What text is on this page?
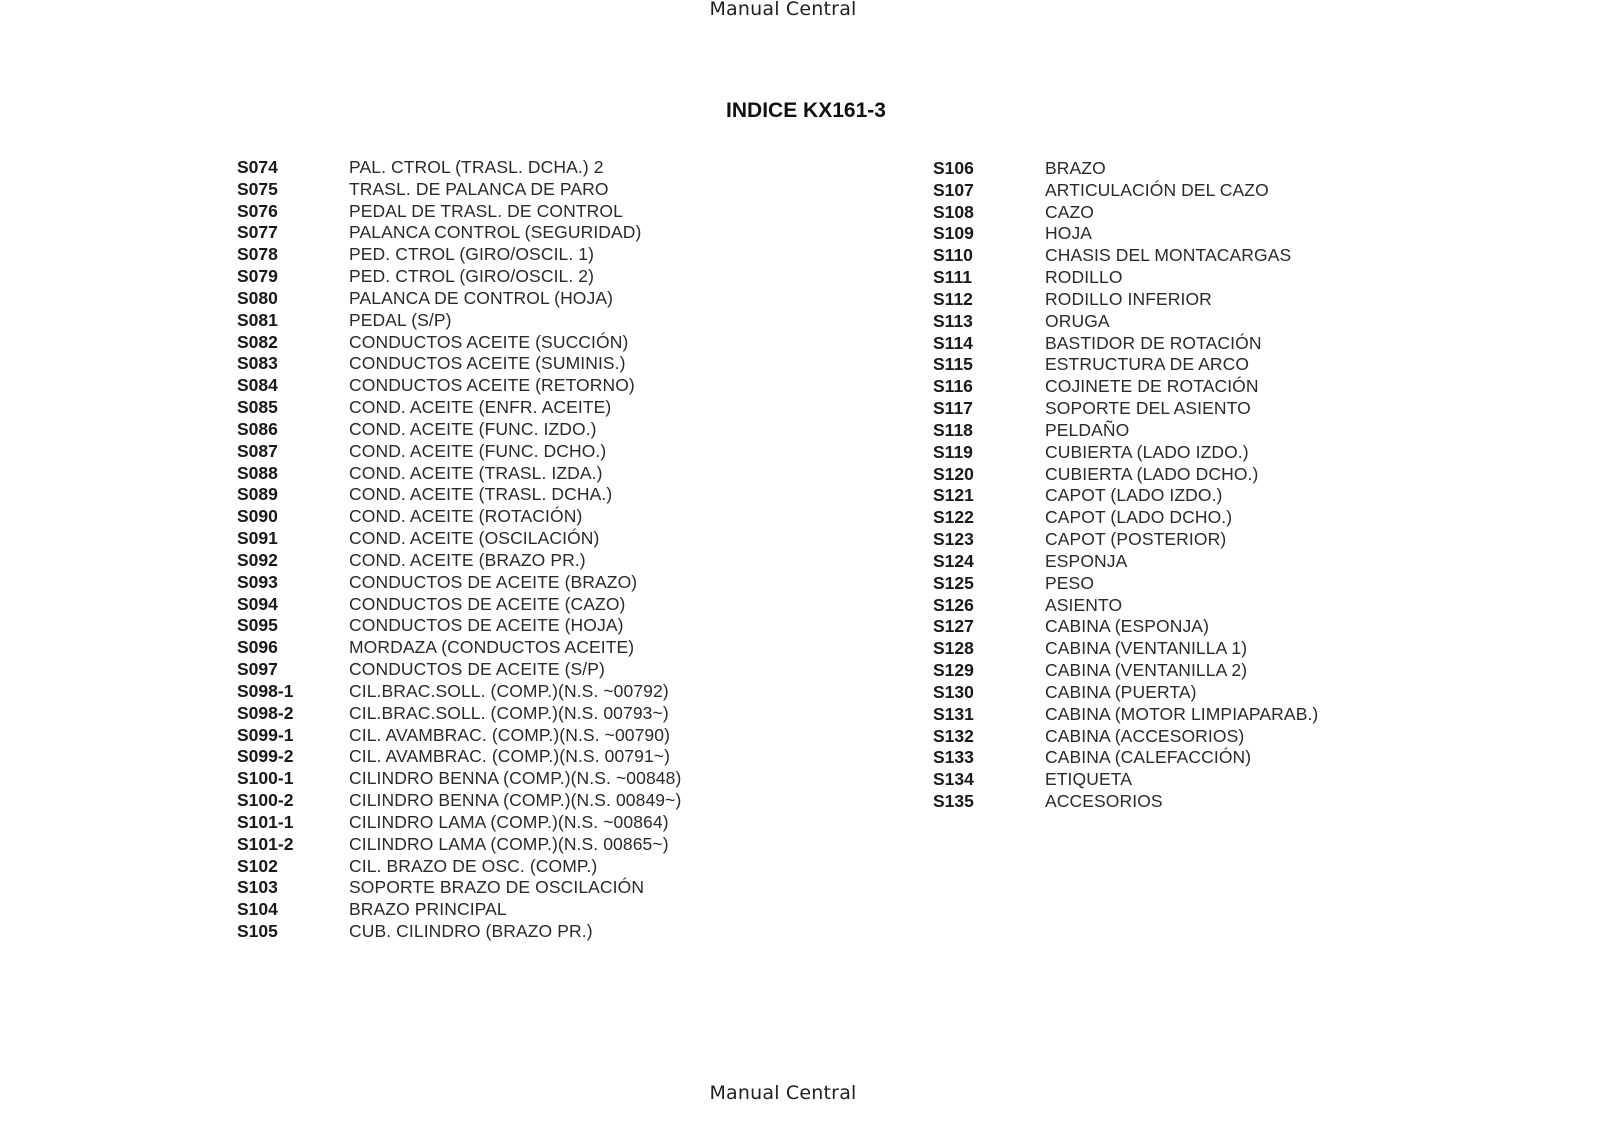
Manual Central
INDICE KX161-3
S074	PAL. CTROL (TRASL. DCHA.) 2
S075	TRASL. DE PALANCA DE PARO
S076	PEDAL DE TRASL. DE CONTROL
S077	PALANCA CONTROL (SEGURIDAD)
S078	PED. CTROL (GIRO/OSCIL. 1)
S079	PED. CTROL (GIRO/OSCIL. 2)
S080	PALANCA DE CONTROL (HOJA)
S081	PEDAL (S/P)
S082	CONDUCTOS ACEITE (SUCCIÓN)
S083	CONDUCTOS ACEITE (SUMINIS.)
S084	CONDUCTOS ACEITE (RETORNO)
S085	COND. ACEITE (ENFR. ACEITE)
S086	COND. ACEITE (FUNC. IZDO.)
S087	COND. ACEITE (FUNC. DCHO.)
S088	COND. ACEITE (TRASL. IZDA.)
S089	COND. ACEITE (TRASL. DCHA.)
S090	COND. ACEITE (ROTACIÓN)
S091	COND. ACEITE (OSCILACIÓN)
S092	COND. ACEITE (BRAZO PR.)
S093	CONDUCTOS DE ACEITE (BRAZO)
S094	CONDUCTOS DE ACEITE (CAZO)
S095	CONDUCTOS DE ACEITE (HOJA)
S096	MORDAZA (CONDUCTOS ACEITE)
S097	CONDUCTOS DE ACEITE (S/P)
S098-1	CIL.BRAC.SOLL. (COMP.)(N.S. ~00792)
S098-2	CIL.BRAC.SOLL. (COMP.)(N.S. 00793~)
S099-1	CIL. AVAMBRAC. (COMP.)(N.S. ~00790)
S099-2	CIL. AVAMBRAC. (COMP.)(N.S. 00791~)
S100-1	CILINDRO BENNA (COMP.)(N.S. ~00848)
S100-2	CILINDRO BENNA (COMP.)(N.S. 00849~)
S101-1	CILINDRO LAMA (COMP.)(N.S. ~00864)
S101-2	CILINDRO LAMA (COMP.)(N.S. 00865~)
S102	CIL. BRAZO DE OSC. (COMP.)
S103	SOPORTE BRAZO DE OSCILACIÓN
S104	BRAZO PRINCIPAL
S105	CUB. CILINDRO (BRAZO PR.)
S106	BRAZO
S107	ARTICULACIÓN DEL CAZO
S108	CAZO
S109	HOJA
S110	CHASIS DEL MONTACARGAS
S111	RODILLO
S112	RODILLO INFERIOR
S113	ORUGA
S114	BASTIDOR DE ROTACIÓN
S115	ESTRUCTURA DE ARCO
S116	COJINETE DE ROTACIÓN
S117	SOPORTE DEL ASIENTO
S118	PELDAÑO
S119	CUBIERTA (LADO IZDO.)
S120	CUBIERTA (LADO DCHO.)
S121	CAPOT (LADO IZDO.)
S122	CAPOT (LADO DCHO.)
S123	CAPOT (POSTERIOR)
S124	ESPONJA
S125	PESO
S126	ASIENTO
S127	CABINA (ESPONJA)
S128	CABINA (VENTANILLA 1)
S129	CABINA (VENTANILLA 2)
S130	CABINA (PUERTA)
S131	CABINA (MOTOR LIMPIAPARAB.)
S132	CABINA (ACCESORIOS)
S133	CABINA (CALEFACCIÓN)
S134	ETIQUETA
S135	ACCESORIOS
Manual Central
